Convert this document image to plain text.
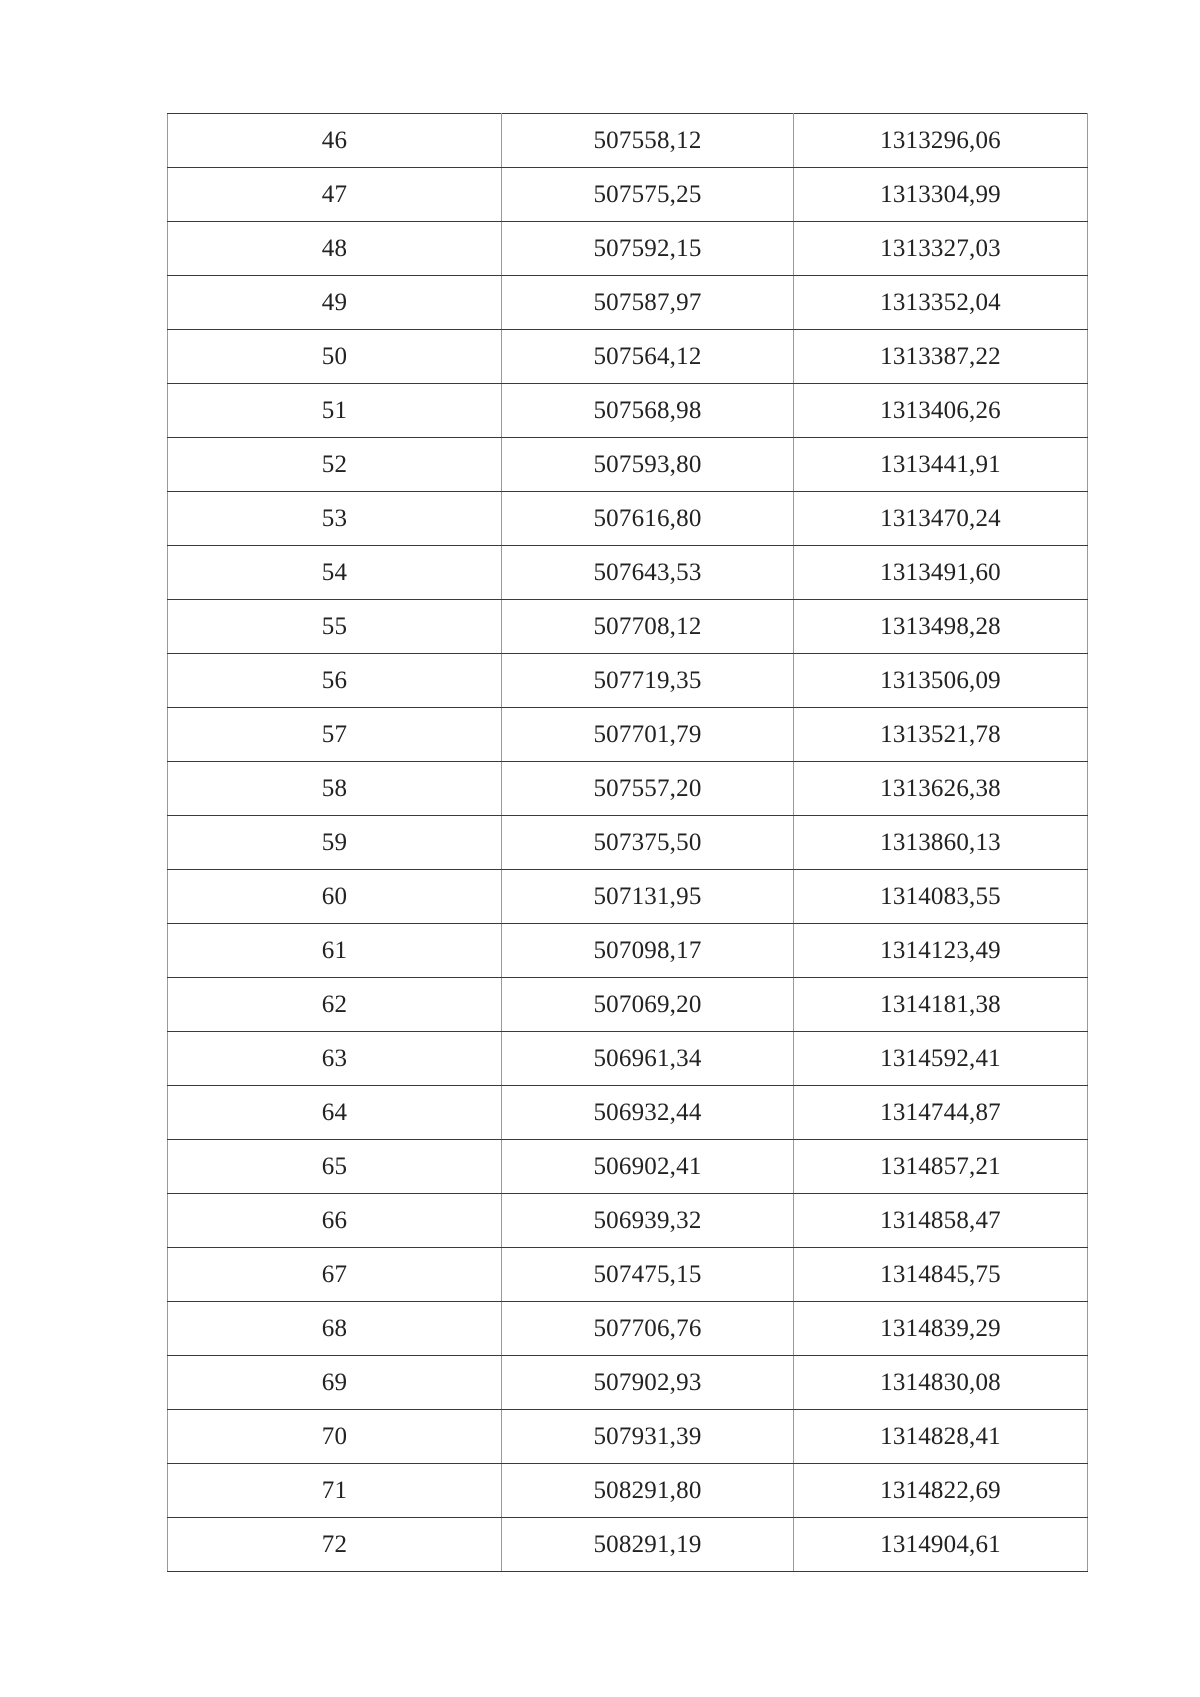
46	507558,12	1313296,06
47	507575,25	1313304,99
48	507592,15	1313327,03
49	507587,97	1313352,04
50	507564,12	1313387,22
51	507568,98	1313406,26
52	507593,80	1313441,91
53	507616,80	1313470,24
54	507643,53	1313491,60
55	507708,12	1313498,28
56	507719,35	1313506,09
57	507701,79	1313521,78
58	507557,20	1313626,38
59	507375,50	1313860,13
60	507131,95	1314083,55
61	507098,17	1314123,49
62	507069,20	1314181,38
63	506961,34	1314592,41
64	506932,44	1314744,87
65	506902,41	1314857,21
66	506939,32	1314858,47
67	507475,15	1314845,75
68	507706,76	1314839,29
69	507902,93	1314830,08
70	507931,39	1314828,41
71	508291,80	1314822,69
72	508291,19	1314904,61
